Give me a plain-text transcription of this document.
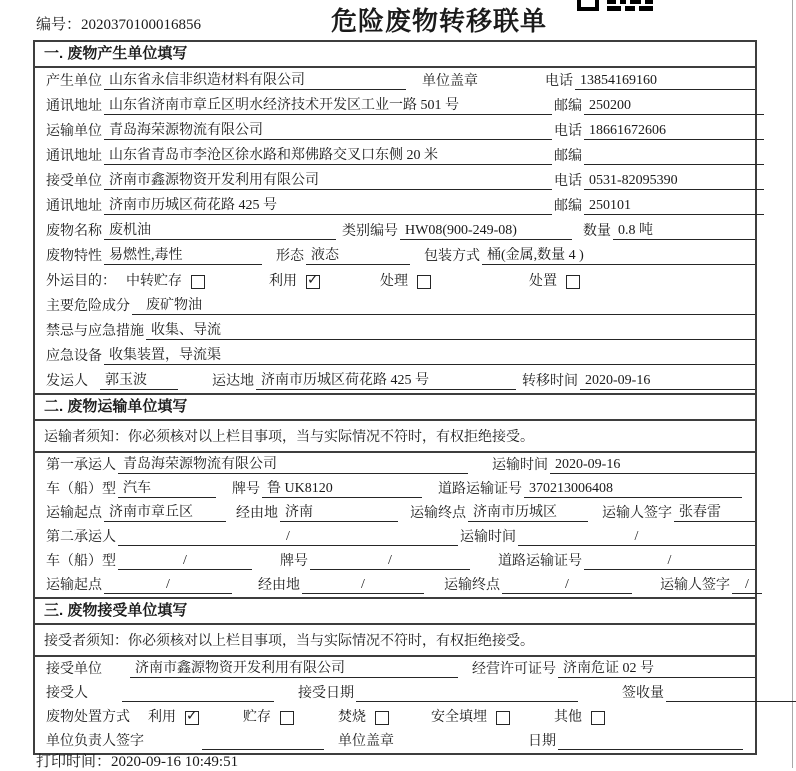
编号：2020370100016856	危险废物转移联单
一. 废物产生单位填写
产生单位 山东省永信非织造材料有限公司	单位盖章	电话 13854169160
通讯地址 山东省济南市章丘区明水经济技术开发区工业一路 501 号	邮编 250200
运输单位 青岛海荣源物流有限公司	电话 18661672606
通讯地址 山东省青岛市李沧区徐水路和郑佛路交叉口东侧 20 米	邮编
接受单位 济南市鑫源物资开发利用有限公司	电话 0531-82095390
通讯地址 济南市历城区荷花路 425 号	邮编 250101
废物名称 废机油	类别编号 HW08(900-249-08)	数量 0.8 吨
废物特性 易燃性,毒性	形态 液态	包装方式 桶(金属,数量 4 )
外运目的： 中转贮存	利用 ✓	处理	处置
主要危险成分	废矿物油
禁忌与应急措施 收集、导流
应急设备 收集装置，导流渠
发运人	郭玉波	运达地 济南市历城区荷花路 425 号	转移时间 2020-09-16
二. 废物运输单位填写
运输者须知：你必须核对以上栏目事项，当与实际情况不符时，有权拒绝接受。
第一承运人 青岛海荣源物流有限公司	运输时间 2020-09-16
车（船）型 汽车	牌号 鲁 UK8120	道路运输证号 370213006408
运输起点 济南市章丘区	经由地 济南	运输终点 济南市历城区	运输人签字 张春雷
第二承运人	/	运输时间	/
车（船）型	/	牌号	/	道路运输证号	/
运输起点	/	经由地	/	运输终点	/	运输人签字	/
三. 废物接受单位填写
接受者须知：你必须核对以上栏目事项，当与实际情况不符时，有权拒绝接受。
接受单位	济南市鑫源物资开发利用有限公司	经营许可证号 济南危证 02 号
接受人	接受日期	签收量
废物处置方式 利用 ✓	贮存	焚烧	安全填埋	其他
单位负责人签字	单位盖章	日期
打印时间：2020-09-16 10:49:51
